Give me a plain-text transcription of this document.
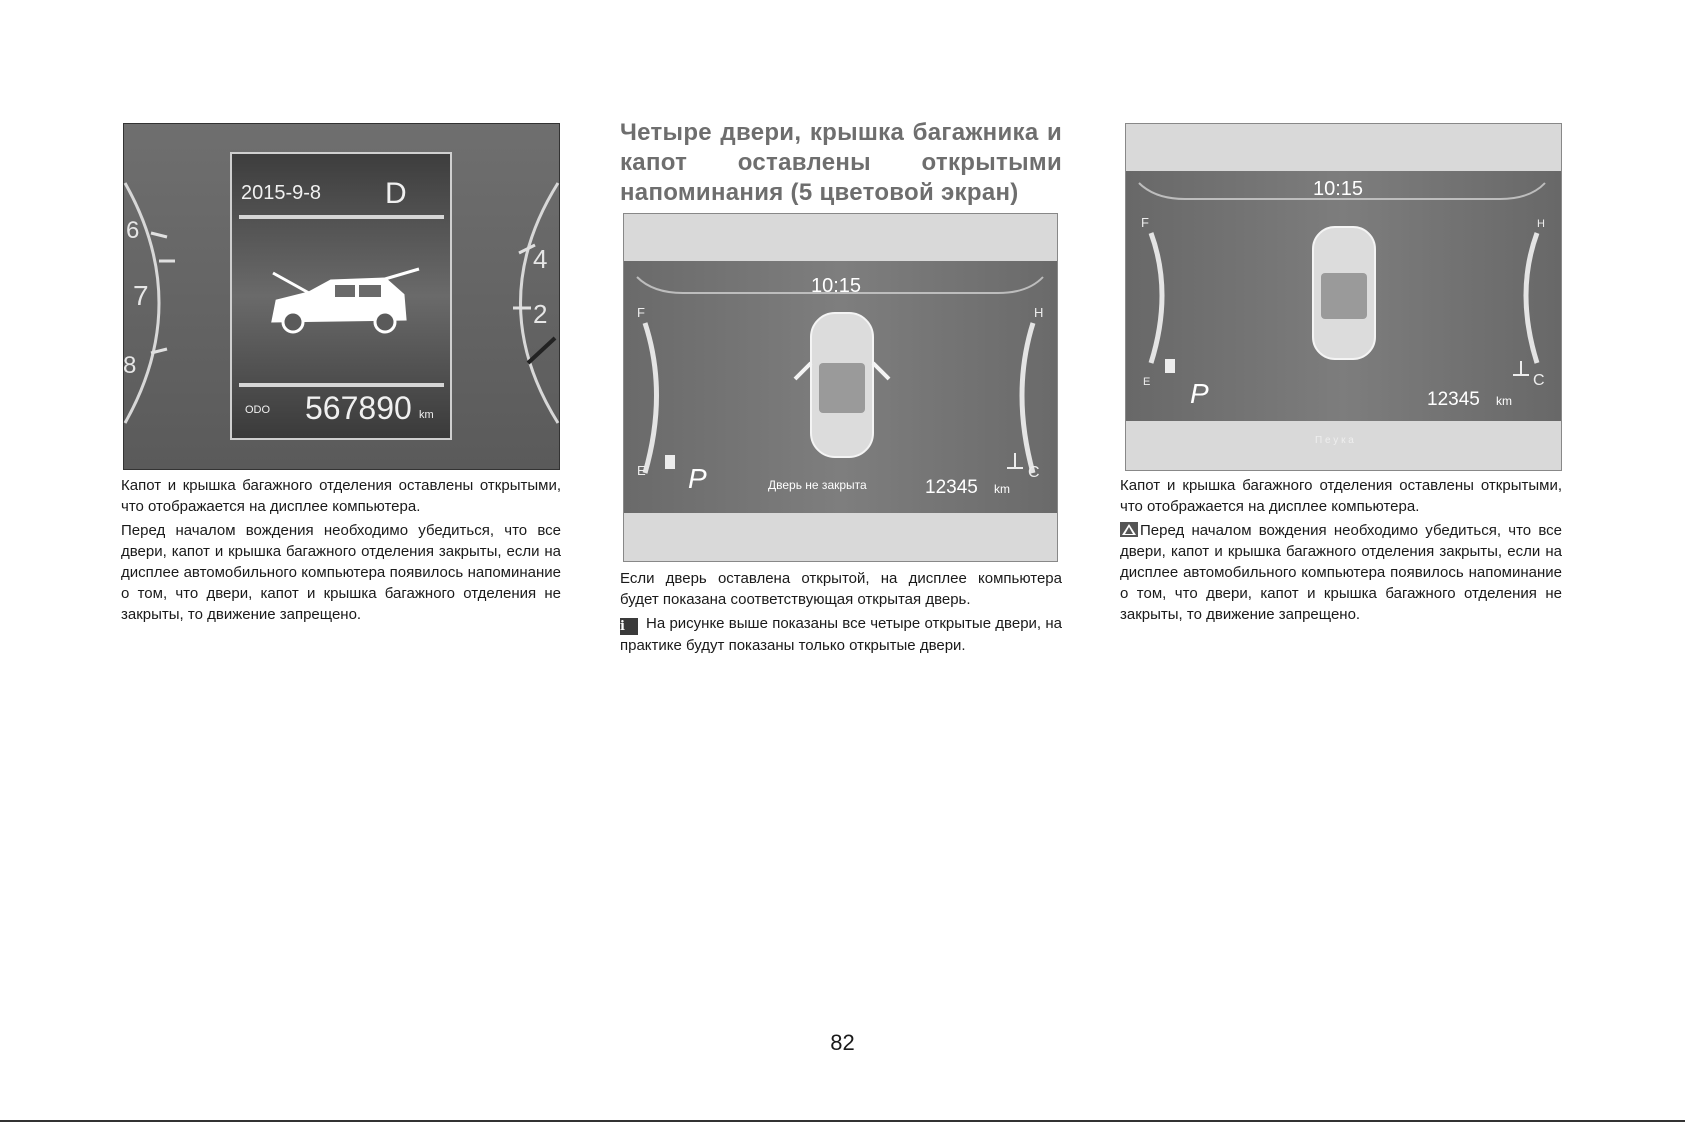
6
7
8
4
2
2015-9-8 D
ODO 567890 km

Капот и крышка багажного отделения оставлены открытыми, что отображается на дисплее компьютера.

Перед началом вождения необходимо убедиться, что все двери, капот и крышка багажного отделения закрыты, если на дисплее автомобильного компьютера появилось напоминание о том, что двери, капот и крышка багажного отделения не закрыты, то движение запрещено.

Четыре двери, крышка багажника и капот оставлены открытыми напоминания (5 цветовой экран)
10:15
F
E
H
C
P	Дверь не закрыта	12345 km

Если дверь оставлена открытой, на дисплее компьютера будет показана соответствующая открытая дверь.

i На рисунке выше показаны все четыре открытые двери, на практике будут показаны только открытые двери.

10:15
F
E
H
C
P	12345 km
П е у к а

Капот и крышка багажного отделения оставлены открытыми, что отображается на дисплее компьютера.

Перед началом вождения необходимо убедиться, что все двери, капот и крышка багажного отделения закрыты, если на дисплее автомобильного компьютера появилось напоминание о том, что двери, капот и крышка багажного отделения не закрыты, то движение запрещено.

82
